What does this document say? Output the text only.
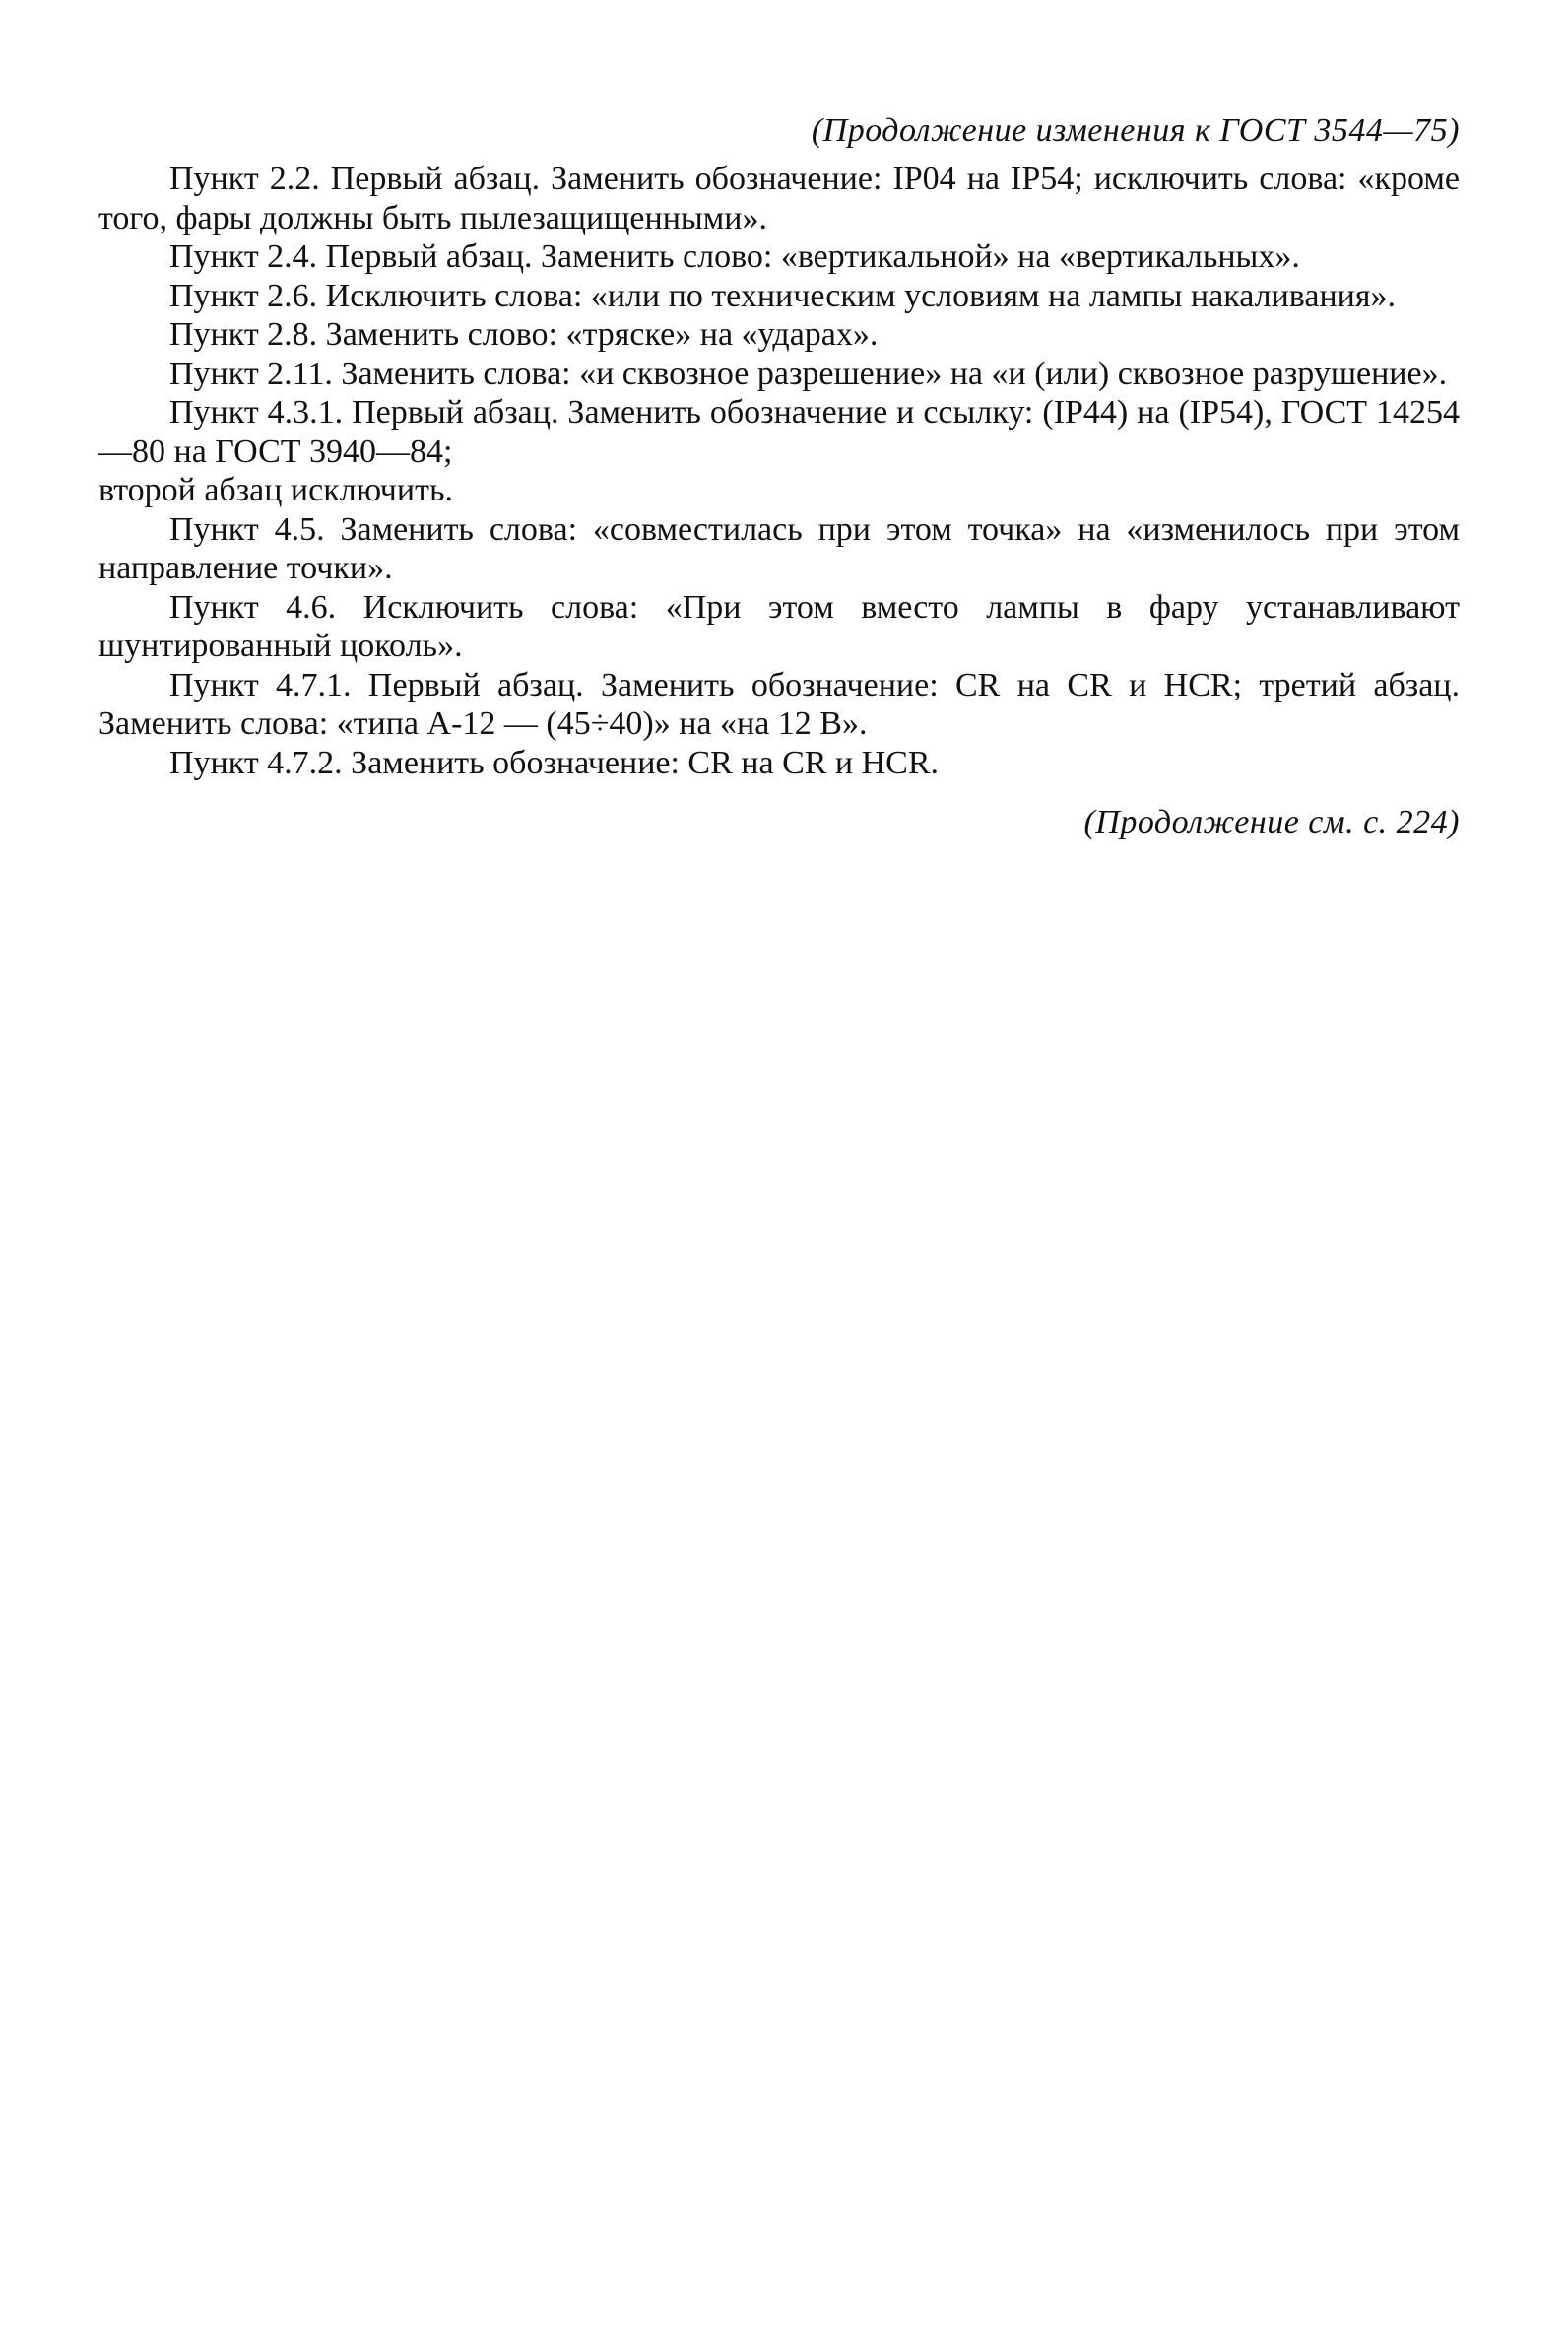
(Продолжение изменения к ГОСТ 3544—75)

Пункт 2.2. Первый абзац. Заменить обозначение: IP04 на IP54; исключить слова: «кроме того, фары должны быть пылезащищенными».

Пункт 2.4. Первый абзац. Заменить слово: «вертикальной» на «вертикальных».

Пункт 2.6. Исключить слова: «или по техническим условиям на лампы накаливания».

Пункт 2.8. Заменить слово: «тряске» на «ударах».

Пункт 2.11. Заменить слова: «и сквозное разрешение» на «и (или) сквозное разрушение».

Пункт 4.3.1. Первый абзац. Заменить обозначение и ссылку: (IP44) на (IP54), ГОСТ 14254—80 на ГОСТ 3940—84;

второй абзац исключить.

Пункт 4.5. Заменить слова: «совместилась при этом точка» на «изменилось при этом направление точки».

Пункт 4.6. Исключить слова: «При этом вместо лампы в фару устанавливают шунтированный цоколь».

Пункт 4.7.1. Первый абзац. Заменить обозначение: CR на CR и HCR; третий абзац. Заменить слова: «типа А-12 — (45÷40)» на «на 12 В».

Пункт 4.7.2. Заменить обозначение: CR на CR и HCR.

(Продолжение см. с. 224)
